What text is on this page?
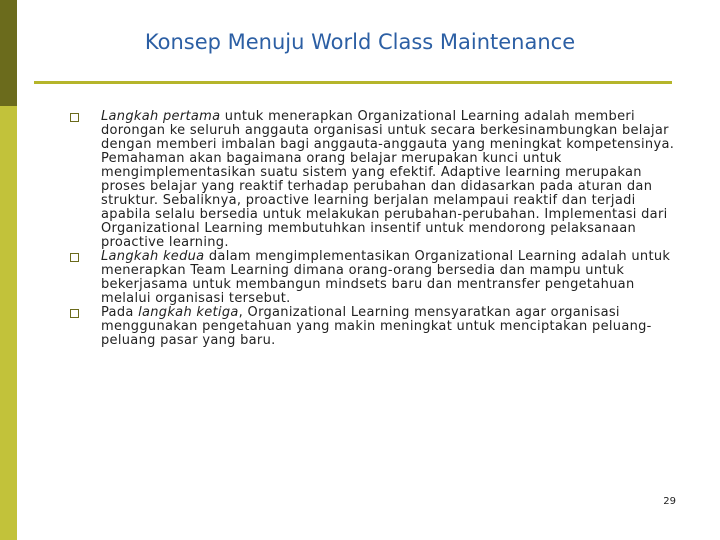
Konsep Menuju World Class Maintenance
Langkah pertama untuk menerapkan Organizational Learning adalah memberi dorongan ke seluruh anggauta organisasi untuk secara berkesinambungkan belajar dengan memberi imbalan bagi anggauta-anggauta yang meningkat kompetensinya. Pemahaman akan bagaimana orang belajar merupakan kunci untuk mengimplementasikan suatu sistem yang efektif. Adaptive learning merupakan proses belajar yang reaktif terhadap perubahan dan didasarkan pada aturan dan struktur. Sebaliknya, proactive learning berjalan melampaui reaktif dan terjadi apabila selalu bersedia untuk melakukan perubahan-perubahan. Implementasi dari Organizational Learning membutuhkan insentif untuk mendorong pelaksanaan proactive learning.
Langkah kedua dalam mengimplementasikan Organizational Learning adalah untuk menerapkan Team Learning dimana orang-orang bersedia dan mampu untuk bekerjasama untuk membangun mindsets baru dan mentransfer pengetahuan melalui organisasi tersebut.
Pada langkah ketiga, Organizational Learning mensyaratkan agar organisasi menggunakan pengetahuan yang makin meningkat untuk menciptakan peluang-peluang pasar yang baru.
29
